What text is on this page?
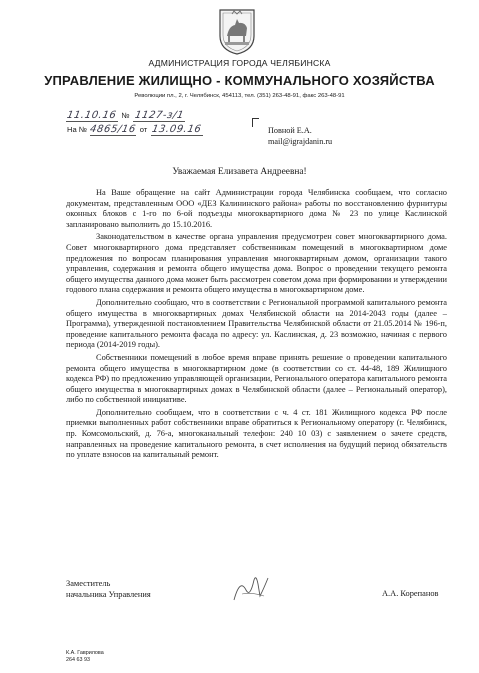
АДМИНИСТРАЦИЯ ГОРОДА ЧЕЛЯБИНСКА
УПРАВЛЕНИЕ ЖИЛИЩНО - КОММУНАЛЬНОГО ХОЗЯЙСТВА
Революции пл., 2, г. Челябинск, 454113, тел. (351) 263-48-91, факс 263-48-91
11.10.16 № 1127-з/1
На № 4865/16 от 13.09.16	Повной Е.А.
mail@igrajdanin.ru
Уважаемая Елизавета Андреевна!

На Ваше обращение на сайт Администрации города Челябинска сообщаем, что согласно документам, представленным ООО «ДЕЗ Калининского района» работы по восстановлению фурнитуры оконных блоков с 1-го по 6-ой подъезды многоквартирного дома № 23 по улице Каслинской запланировано выполнить до 15.10.2016.

Законодательством в качестве органа управления предусмотрен совет многоквартирного дома. Совет многоквартирного дома представляет собственникам помещений в многоквартирном доме предложения по вопросам планирования управления многоквартирным домом, организации такого управления, содержания и ремонта общего имущества дома. Вопрос о проведении текущего ремонта общего имущества данного дома может быть рассмотрен советом дома при формировании и утверждении годового плана содержания и ремонта общего имущества в многоквартирном доме.

Дополнительно сообщаю, что в соответствии с Региональной программой капитального ремонта общего имущества в многоквартирных домах Челябинской области на 2014-2043 годы (далее – Программа), утвержденной постановлением Правительства Челябинской области от 21.05.2014 № 196-п, проведение капитального ремонта фасада по адресу: ул. Каслинская, д. 23 возможно, начиная с первого периода (2014-2019 годы).

Собственники помещений в любое время вправе принять решение о проведении капитального ремонта общего имущества в многоквартирном доме (в соответствии со ст. 44-48, 189 Жилищного кодекса РФ) по предложению управляющей организации, Регионального оператора капитального ремонта общего имущества в многоквартирных домах в Челябинской области (далее – Региональный оператор), либо по собственной инициативе.

Дополнительно сообщаем, что в соответствии с ч. 4 ст. 181 Жилищного кодекса РФ после приемки выполненных работ собственники вправе обратиться к Региональному оператору (г. Челябинск, пр. Комсомольский, д. 76-а, многоканальный телефон: 240 10 03) с заявлением о зачете средств, направленных на проведение капитального ремонта, в счет исполнения на будущий период обязательств по уплате взносов на капитальный ремонт.

Заместитель
начальника Управления	А.А. Корепанов
К.А. Гаврилова
264 63 93
